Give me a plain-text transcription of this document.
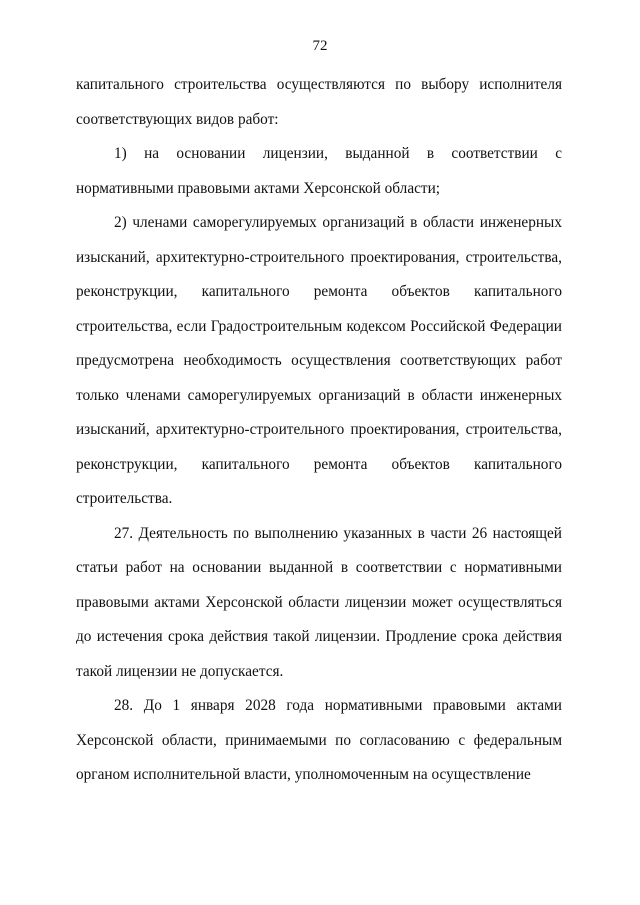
72

капитального строительства осуществляются по выбору исполнителя соответствующих видов работ:

1) на основании лицензии, выданной в соответствии с нормативными правовыми актами Херсонской области;

2) членами саморегулируемых организаций в области инженерных изысканий, архитектурно-строительного проектирования, строительства, реконструкции, капитального ремонта объектов капитального строительства, если Градостроительным кодексом Российской Федерации предусмотрена необходимость осуществления соответствующих работ только членами саморегулируемых организаций в области инженерных изысканий, архитектурно-строительного проектирования, строительства, реконструкции, капитального ремонта объектов капитального строительства.

27. Деятельность по выполнению указанных в части 26 настоящей статьи работ на основании выданной в соответствии с нормативными правовыми актами Херсонской области лицензии может осуществляться до истечения срока действия такой лицензии. Продление срока действия такой лицензии не допускается.

28. До 1 января 2028 года нормативными правовыми актами Херсонской области, принимаемыми по согласованию с федеральным органом исполнительной власти, уполномоченным на осуществление
